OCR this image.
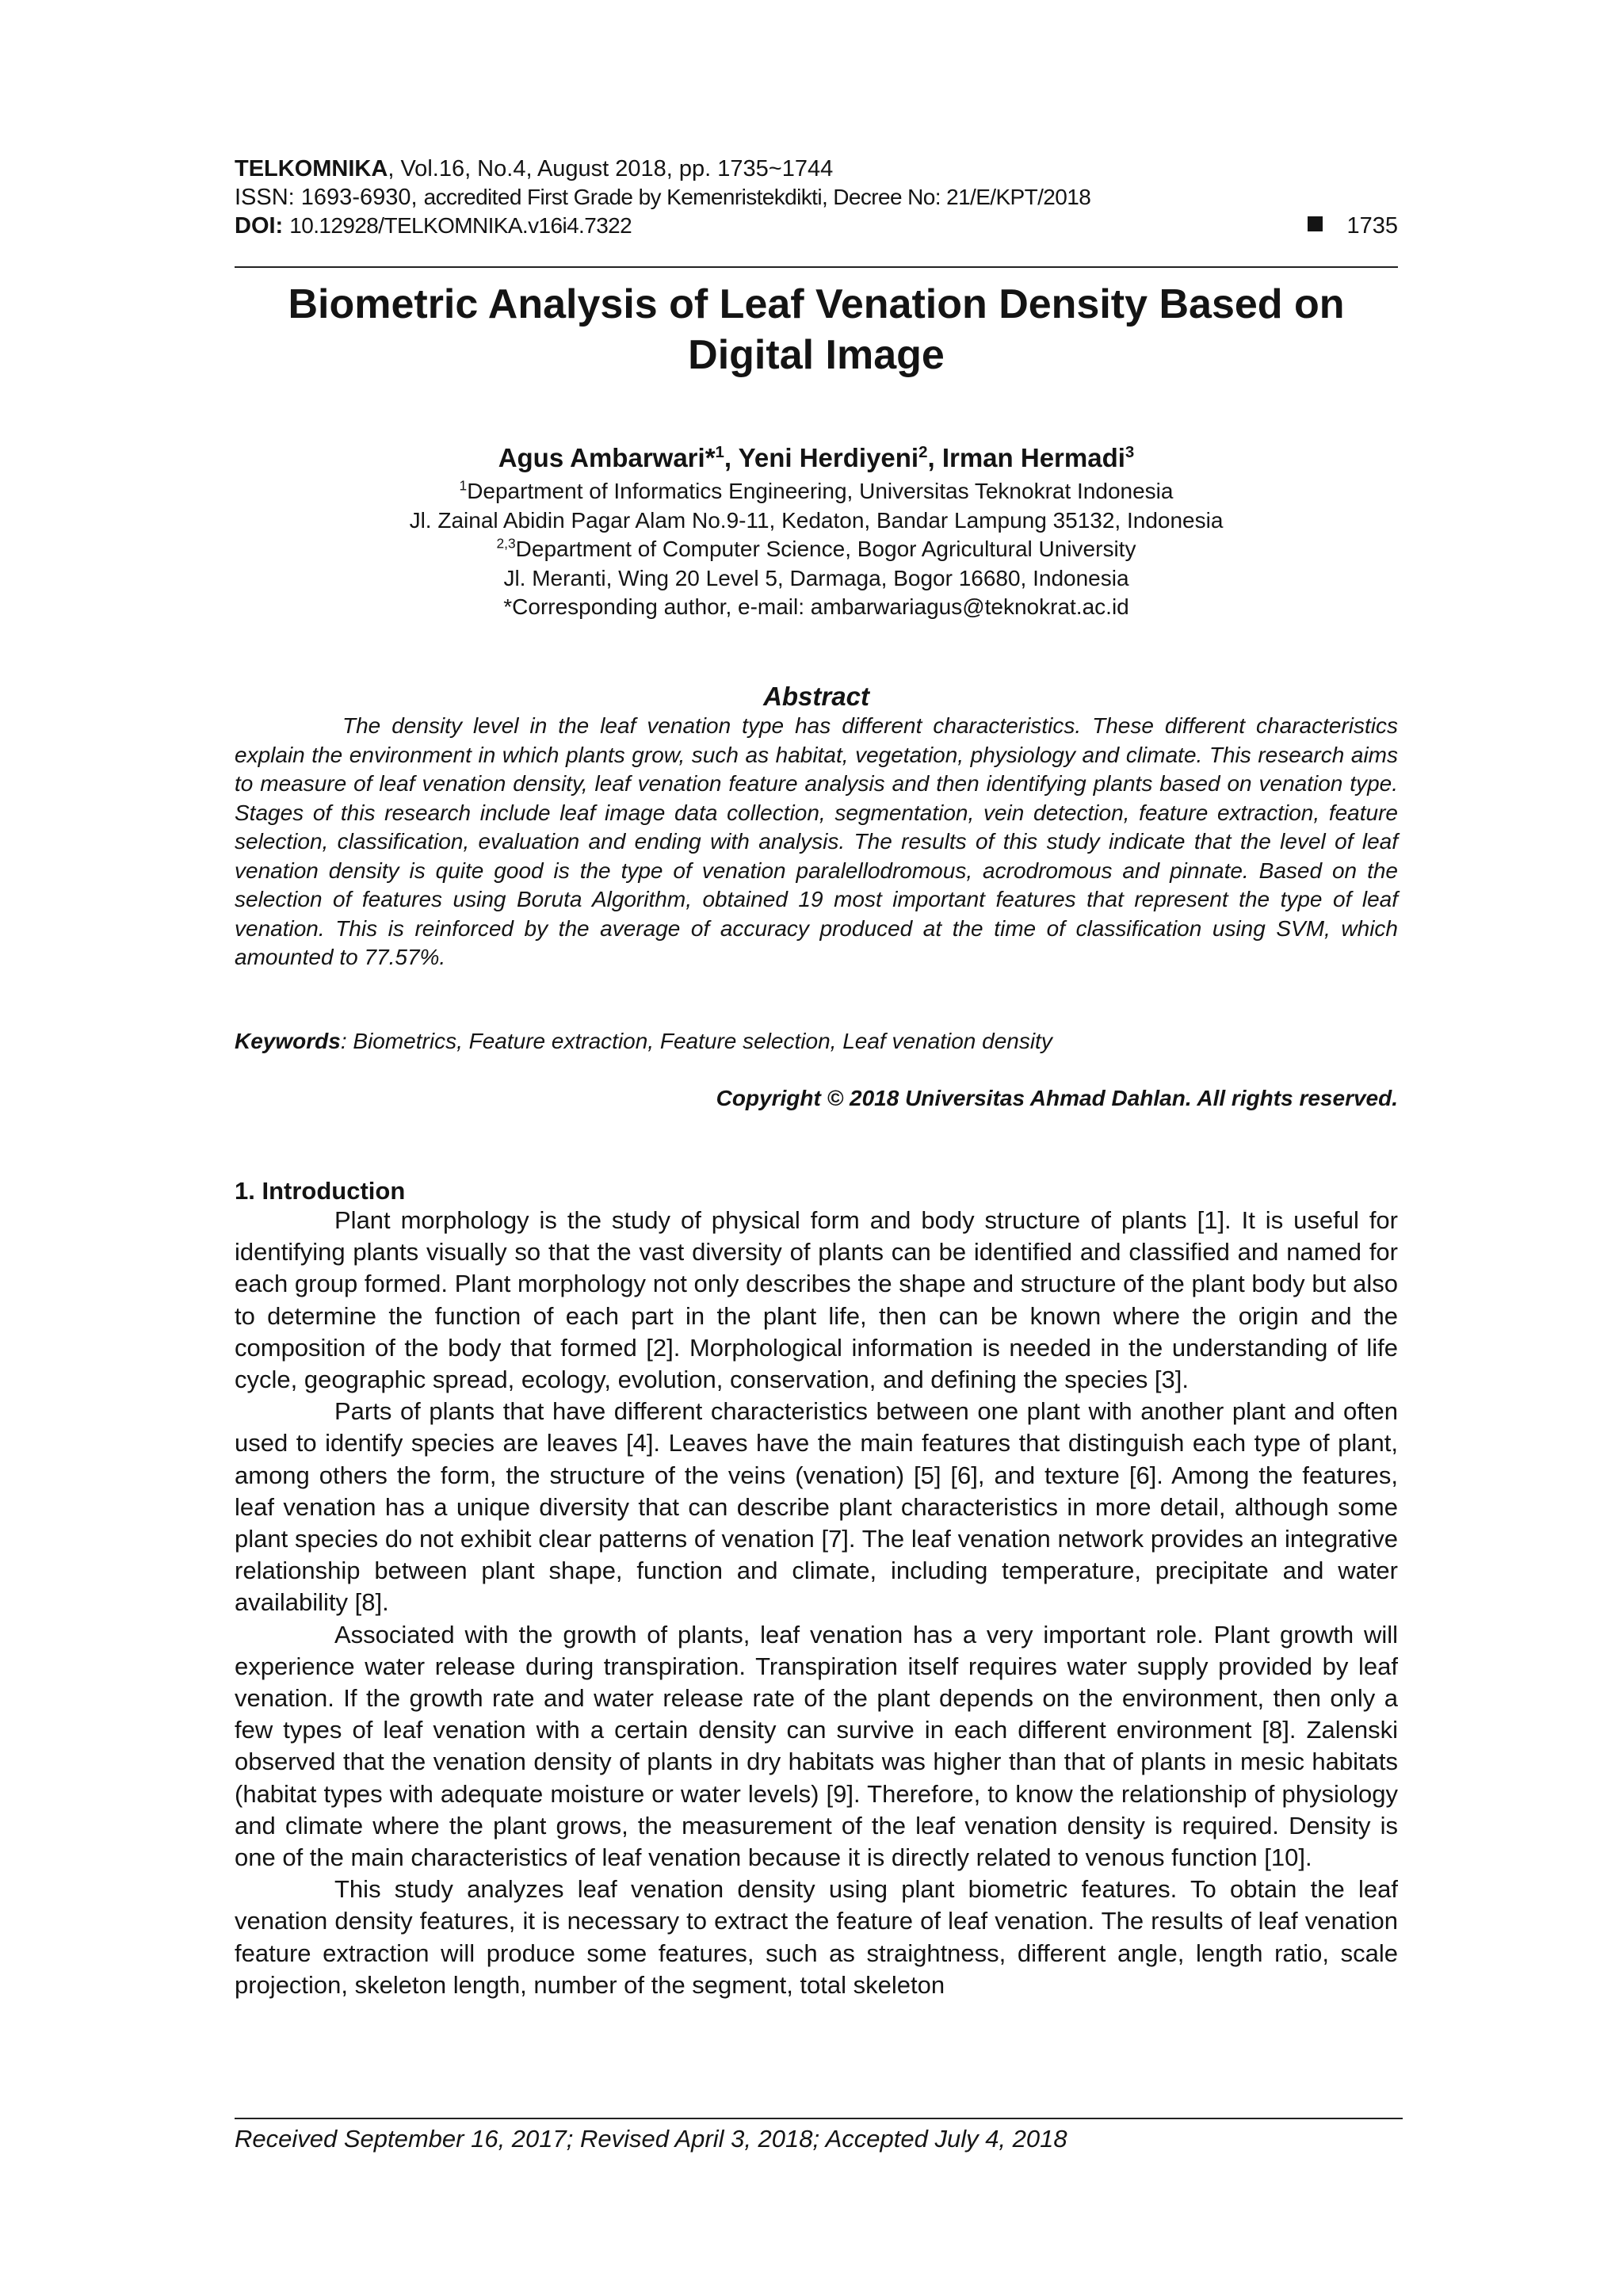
TELKOMNIKA, Vol.16, No.4, August 2018, pp. 1735~1744
ISSN: 1693-6930, accredited First Grade by Kemenristekdikti, Decree No: 21/E/KPT/2018
DOI: 10.12928/TELKOMNIKA.v16i4.7322	1735
Biometric Analysis of Leaf Venation Density Based on Digital Image
Agus Ambarwari*$^1$, Yeni Herdiyeni$^2$, Irman Hermadi$^3$
$^1$Department of Informatics Engineering, Universitas Teknokrat Indonesia
Jl. Zainal Abidin Pagar Alam No.9-11, Kedaton, Bandar Lampung 35132, Indonesia
$^{2,3}$Department of Computer Science, Bogor Agricultural University
Jl. Meranti, Wing 20 Level 5, Darmaga, Bogor 16680, Indonesia
*Corresponding author, e-mail: ambarwariagus@teknokrat.ac.id
Abstract
The density level in the leaf venation type has different characteristics. These different characteristics explain the environment in which plants grow, such as habitat, vegetation, physiology and climate. This research aims to measure of leaf venation density, leaf venation feature analysis and then identifying plants based on venation type. Stages of this research include leaf image data collection, segmentation, vein detection, feature extraction, feature selection, classification, evaluation and ending with analysis. The results of this study indicate that the level of leaf venation density is quite good is the type of venation paralellodromous, acrodromous and pinnate. Based on the selection of features using Boruta Algorithm, obtained 19 most important features that represent the type of leaf venation. This is reinforced by the average of accuracy produced at the time of classification using SVM, which amounted to 77.57%.
Keywords: Biometrics, Feature extraction, Feature selection, Leaf venation density
Copyright © 2018 Universitas Ahmad Dahlan. All rights reserved.
1. Introduction

Plant morphology is the study of physical form and body structure of plants [1]. It is useful for identifying plants visually so that the vast diversity of plants can be identified and classified and named for each group formed. Plant morphology not only describes the shape and structure of the plant body but also to determine the function of each part in the plant life, then can be known where the origin and the composition of the body that formed [2]. Morphological information is needed in the understanding of life cycle, geographic spread, ecology, evolution, conservation, and defining the species [3].

Parts of plants that have different characteristics between one plant with another plant and often used to identify species are leaves [4]. Leaves have the main features that distinguish each type of plant, among others the form, the structure of the veins (venation) [5] [6], and texture [6]. Among the features, leaf venation has a unique diversity that can describe plant characteristics in more detail, although some plant species do not exhibit clear patterns of venation [7]. The leaf venation network provides an integrative relationship between plant shape, function and climate, including temperature, precipitate and water availability [8].

Associated with the growth of plants, leaf venation has a very important role. Plant growth will experience water release during transpiration. Transpiration itself requires water supply provided by leaf venation. If the growth rate and water release rate of the plant depends on the environment, then only a few types of leaf venation with a certain density can survive in each different environment [8]. Zalenski observed that the venation density of plants in dry habitats was higher than that of plants in mesic habitats (habitat types with adequate moisture or water levels) [9]. Therefore, to know the relationship of physiology and climate where the plant grows, the measurement of the leaf venation density is required. Density is one of the main characteristics of leaf venation because it is directly related to venous function [10].

This study analyzes leaf venation density using plant biometric features. To obtain the leaf venation density features, it is necessary to extract the feature of leaf venation. The results of leaf venation feature extraction will produce some features, such as straightness, different angle, length ratio, scale projection, skeleton length, number of the segment, total skeleton

Received September 16, 2017; Revised April 3, 2018; Accepted July 4, 2018
